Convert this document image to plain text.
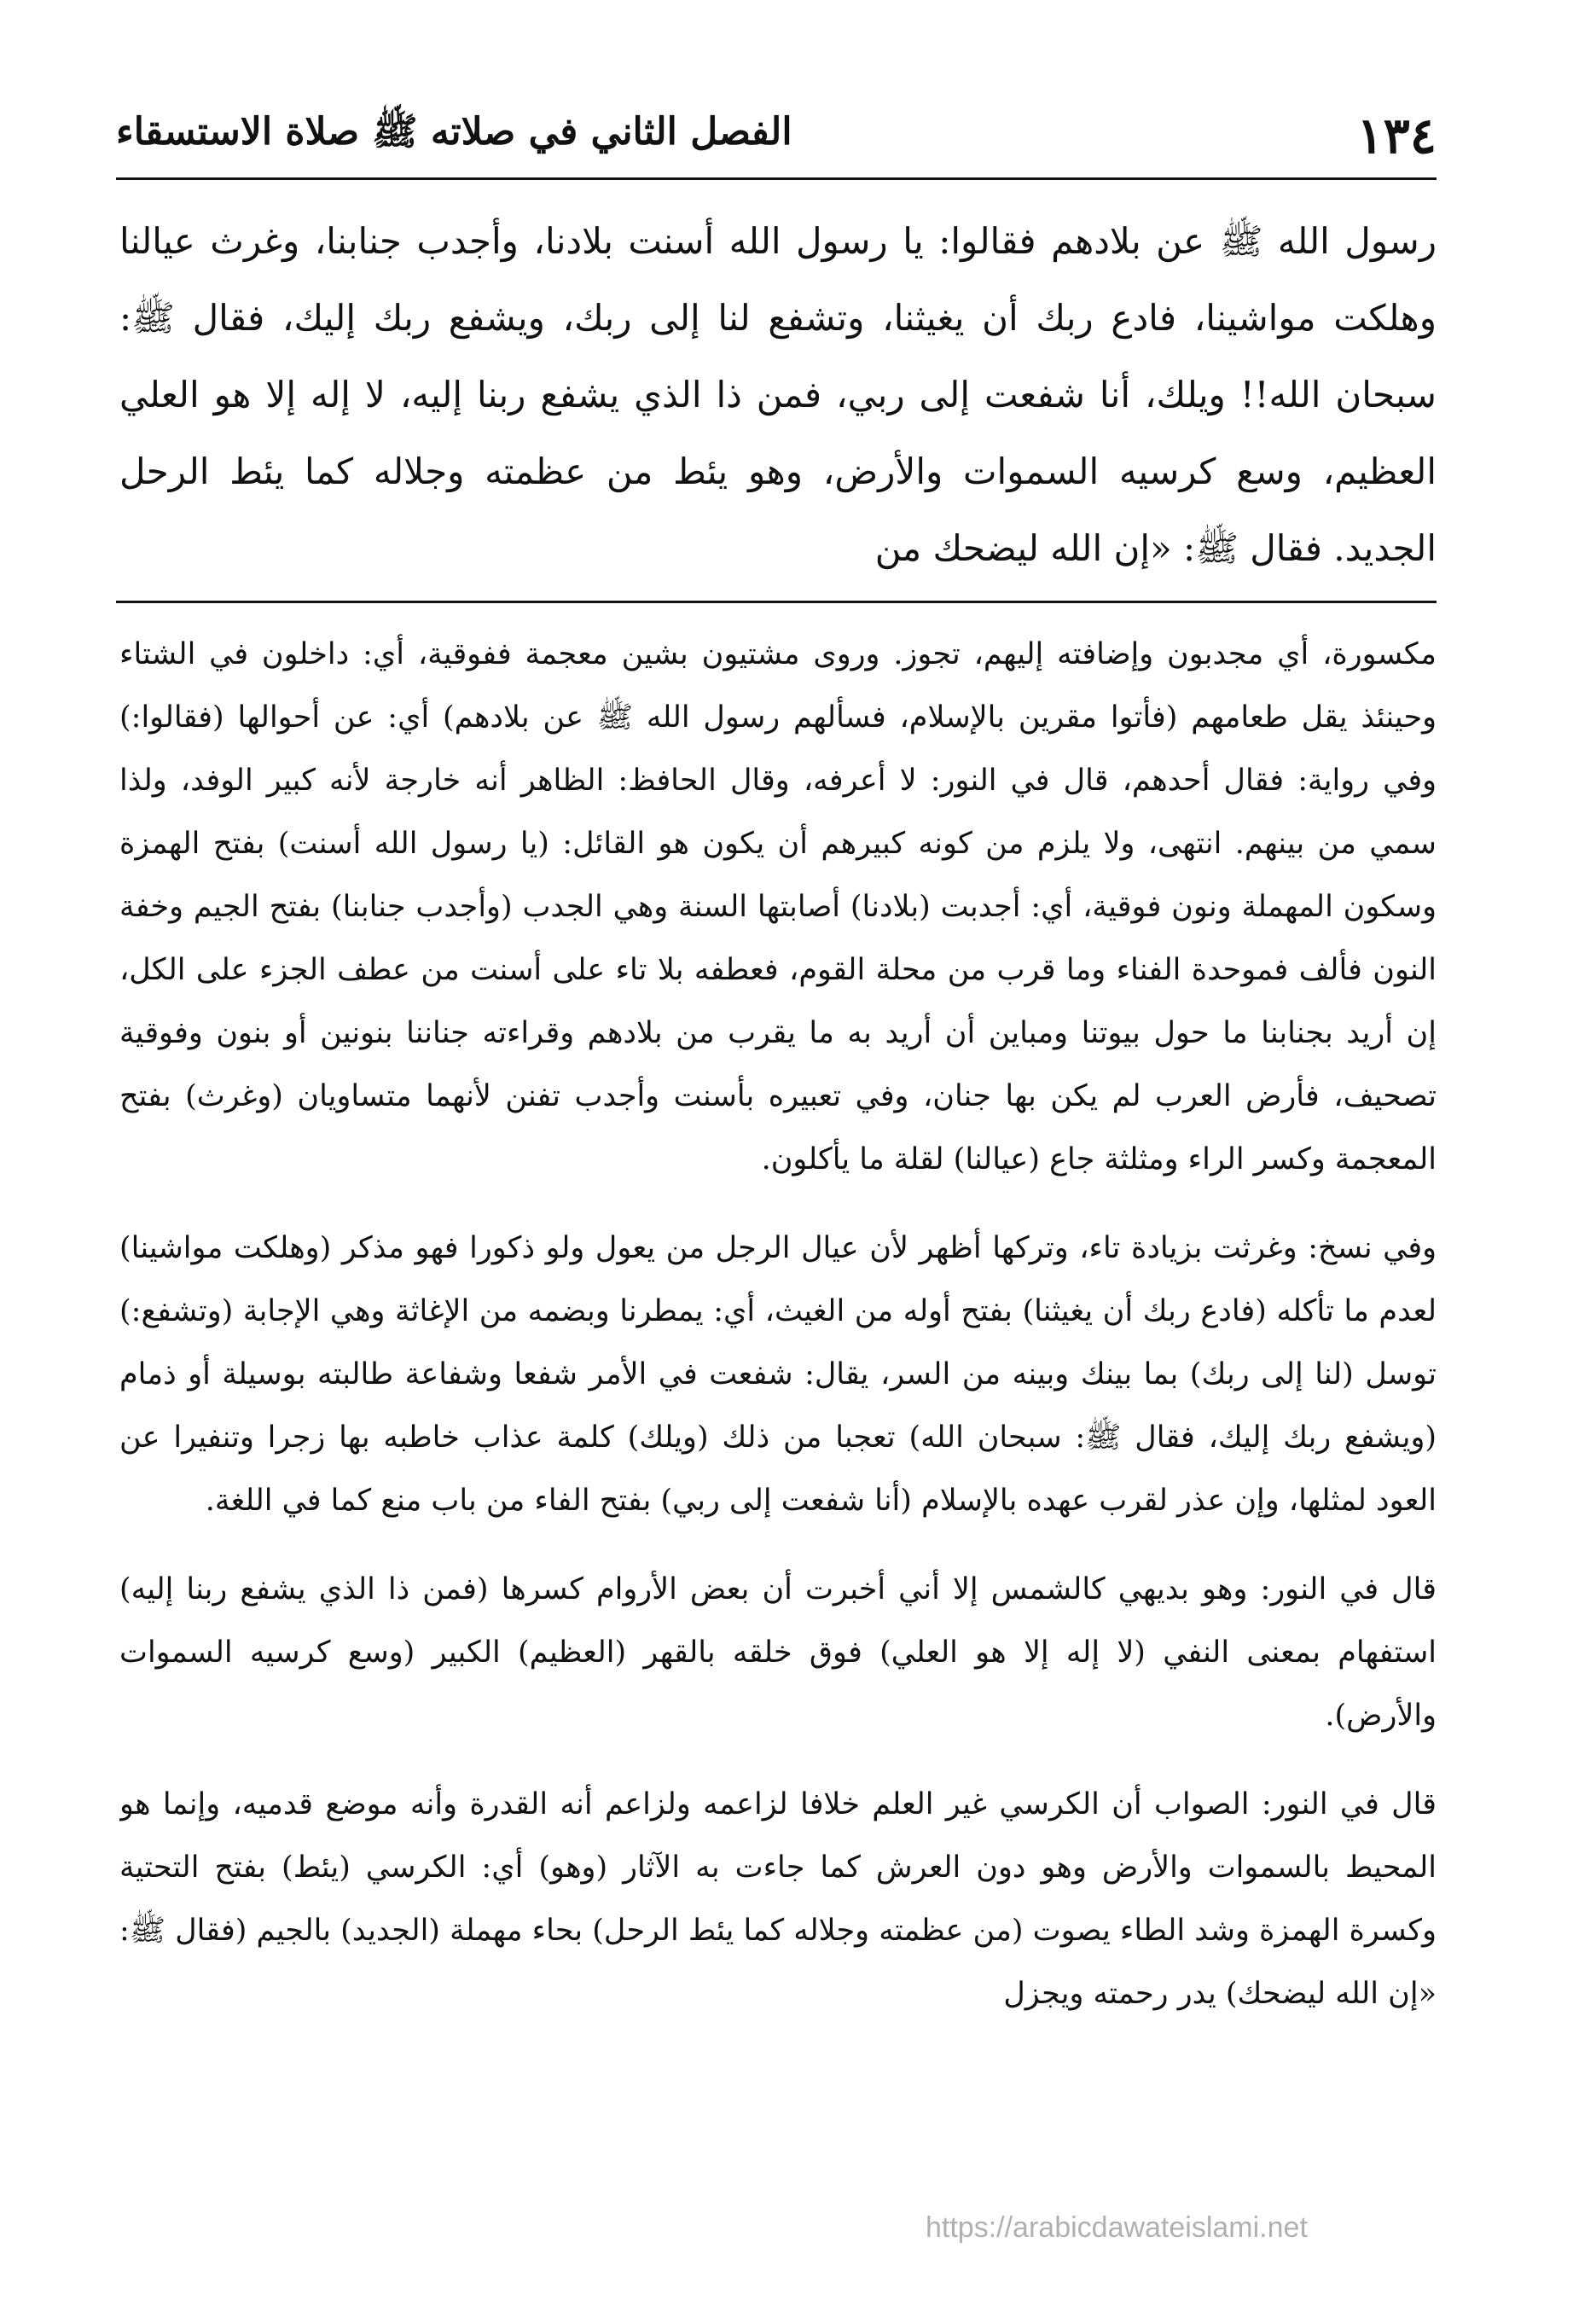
١٣٤
الفصل الثاني في صلاته ﷺ صلاة الاستسقاء
رسول الله ﷺ عن بلادهم فقالوا: يا رسول الله أسنت بلادنا، وأجدب جنابنا، وغرث عيالنا وهلكت مواشينا، فادع ربك أن يغيثنا، وتشفع لنا إلى ربك، ويشفع ربك إليك، فقال ﷺ: سبحان الله!! ويلك، أنا شفعت إلى ربي، فمن ذا الذي يشفع ربنا إليه، لا إله إلا هو العلي العظيم، وسع كرسيه السموات والأرض، وهو يئط من عظمته وجلاله كما يئط الرحل الجديد. فقال ﷺ: «إن الله ليضحك من

مكسورة، أي مجدبون وإضافته إليهم، تجوز. وروى مشتيون بشين معجمة ففوقية، أي: داخلون في الشتاء وحينئذ يقل طعامهم (فأتوا مقرين بالإسلام، فسألهم رسول الله ﷺ عن بلادهم) أي: عن أحوالها (فقالوا:) وفي رواية: فقال أحدهم، قال في النور: لا أعرفه، وقال الحافظ: الظاهر أنه خارجة لأنه كبير الوفد، ولذا سمي من بينهم. انتهى، ولا يلزم من كونه كبيرهم أن يكون هو القائل: (يا رسول الله أسنت) بفتح الهمزة وسكون المهملة ونون فوقية، أي: أجدبت (بلادنا) أصابتها السنة وهي الجدب (وأجدب جنابنا) بفتح الجيم وخفة النون فألف فموحدة الفناء وما قرب من محلة القوم، فعطفه بلا تاء على أسنت من عطف الجزء على الكل، إن أريد بجنابنا ما حول بيوتنا ومباين أن أريد به ما يقرب من بلادهم وقراءته جناننا بنونين أو بنون وفوقية تصحيف، فأرض العرب لم يكن بها جنان، وفي تعبيره بأسنت وأجدب تفنن لأنهما متساويان (وغرث) بفتح المعجمة وكسر الراء ومثلثة جاع (عيالنا) لقلة ما يأكلون.

وفي نسخ: وغرثت بزيادة تاء، وتركها أظهر لأن عيال الرجل من يعول ولو ذكورا فهو مذكر (وهلكت مواشينا) لعدم ما تأكله (فادع ربك أن يغيثنا) بفتح أوله من الغيث، أي: يمطرنا وبضمه من الإغاثة وهي الإجابة (وتشفع:) توسل (لنا إلى ربك) بما بينك وبينه من السر، يقال: شفعت في الأمر شفعا وشفاعة طالبته بوسيلة أو ذمام (ويشفع ربك إليك، فقال ﷺ: سبحان الله) تعجبا من ذلك (ويلك) كلمة عذاب خاطبه بها زجرا وتنفيرا عن العود لمثلها، وإن عذر لقرب عهده بالإسلام (أنا شفعت إلى ربي) بفتح الفاء من باب منع كما في اللغة.

قال في النور: وهو بديهي كالشمس إلا أني أخبرت أن بعض الأروام كسرها (فمن ذا الذي يشفع ربنا إليه) استفهام بمعنى النفي (لا إله إلا هو العلي) فوق خلقه بالقهر (العظيم) الكبير (وسع كرسيه السموات والأرض).

قال في النور: الصواب أن الكرسي غير العلم خلافا لزاعمه ولزاعم أنه القدرة وأنه موضع قدميه، وإنما هو المحيط بالسموات والأرض وهو دون العرش كما جاءت به الآثار (وهو) أي: الكرسي (يئط) بفتح التحتية وكسرة الهمزة وشد الطاء يصوت (من عظمته وجلاله كما يئط الرحل) بحاء مهملة (الجديد) بالجيم (فقال ﷺ: «إن الله ليضحك) يدر رحمته ويجزل

https://arabicdawateislami.net
